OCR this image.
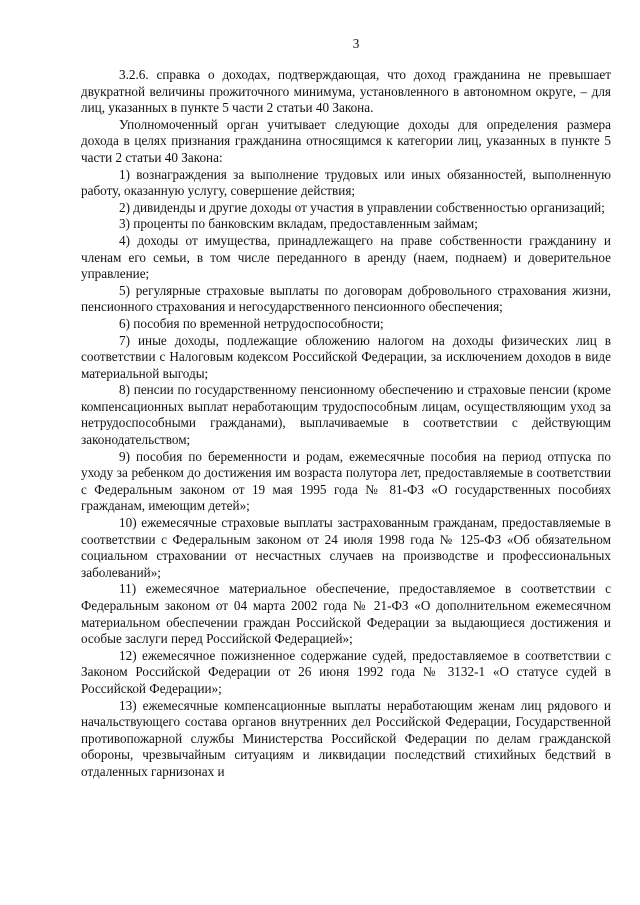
3

3.2.6. справка о доходах, подтверждающая, что доход гражданина не превышает двукратной величины прожиточного минимума, установленного в автономном округе, – для лиц, указанных в пункте 5 части 2 статьи 40 Закона.

Уполномоченный орган учитывает следующие доходы для определения размера дохода в целях признания гражданина относящимся к категории лиц, указанных в пункте 5 части 2 статьи 40 Закона:

1) вознаграждения за выполнение трудовых или иных обязанностей, выполненную работу, оказанную услугу, совершение действия;

2) дивиденды и другие доходы от участия в управлении собственностью организаций;

3) проценты по банковским вкладам, предоставленным займам;

4) доходы от имущества, принадлежащего на праве собственности гражданину и членам его семьи, в том числе переданного в аренду (наем, поднаем) и доверительное управление;

5) регулярные страховые выплаты по договорам добровольного страхования жизни, пенсионного страхования и негосударственного пенсионного обеспечения;

6) пособия по временной нетрудоспособности;

7) иные доходы, подлежащие обложению налогом на доходы физических лиц в соответствии с Налоговым кодексом Российской Федерации, за исключением доходов в виде материальной выгоды;

8) пенсии по государственному пенсионному обеспечению и страховые пенсии (кроме компенсационных выплат неработающим трудоспособным лицам, осуществляющим уход за нетрудоспособными гражданами), выплачиваемые в соответствии с действующим законодательством;

9) пособия по беременности и родам, ежемесячные пособия на период отпуска по уходу за ребенком до достижения им возраста полутора лет, предоставляемые в соответствии с Федеральным законом от 19 мая 1995 года № 81-ФЗ «О государственных пособиях гражданам, имеющим детей»;

10) ежемесячные страховые выплаты застрахованным гражданам, предоставляемые в соответствии с Федеральным законом от 24 июля 1998 года № 125-ФЗ «Об обязательном социальном страховании от несчастных случаев на производстве и профессиональных заболеваний»;

11) ежемесячное материальное обеспечение, предоставляемое в соответствии с Федеральным законом от 04 марта 2002 года № 21-ФЗ «О дополнительном ежемесячном материальном обеспечении граждан Российской Федерации за выдающиеся достижения и особые заслуги перед Российской Федерацией»;

12) ежемесячное пожизненное содержание судей, предоставляемое в соответствии с Законом Российской Федерации от 26 июня 1992 года № 3132-1 «О статусе судей в Российской Федерации»;

13) ежемесячные компенсационные выплаты неработающим женам лиц рядового и начальствующего состава органов внутренних дел Российской Федерации, Государственной противопожарной службы Министерства Российской Федерации по делам гражданской обороны, чрезвычайным ситуациям и ликвидации последствий стихийных бедствий в отдаленных гарнизонах и
